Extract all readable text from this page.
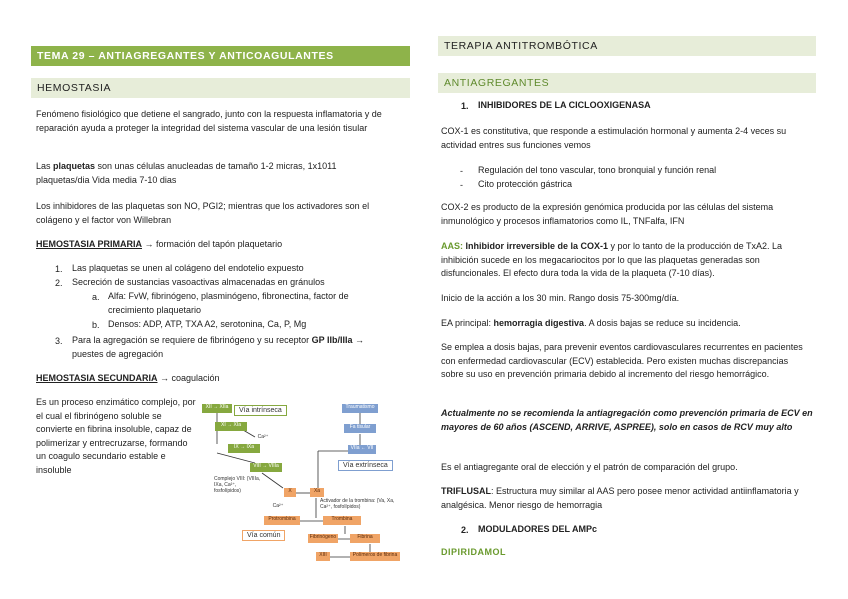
TEMA 29 – ANTIAGREGANTES Y ANTICOAGULANTES
HEMOSTASIA

Fenómeno fisiológico que detiene el sangrado, junto con la respuesta inflamatoria y de reparación ayuda a proteger la integridad del sistema vascular de una lesión tisular

Las plaquetas son unas células anucleadas de tamaño 1-2 micras, 1x1011 plaquetas/dia Vida media 7-10 dias

Los inhibidores de las plaquetas son NO, PGI2; mientras que los activadores son el colágeno y el factor von Willebran

HEMOSTASIA PRIMARIA → formación del tapón plaquetario

1. Las plaquetas se unen al colágeno del endotelio expuesto
2. Secreción de sustancias vasoactivas almacenadas en gránulos
a. Alfa: FvW, fibrinógeno, plasminógeno, fibronectina, factor de
crecimiento plaquetario
b. Densos: ADP, ATP, TXA A2, serotonina, Ca, P, Mg
3. Para la agregación se requiere de fibrinógeno y su receptor GP IIb/IIIa →
puestes de agregación

HEMOSTASIA SECUNDARIA → coagulación

Es un proceso enzimático complejo, por el cual el fibrinógeno soluble se convierte en fibrina insoluble, capaz de polimerizar y entrecruzarse, formando un coagulo secundario estable e insoluble

XII → XIIa	Vía intrínseca
XI → XIa
Ca²⁺
IX → IXa
VIII → VIIIa
Complejo VIII: (VIIIa, IXa, Ca²⁺, fosfolípidos)
Traumatismo
Fa tisular
VIIa ← VII
Vía extrínseca
Ca²⁺
X	Xa
Activador de la trombina: (Va, Xa, Ca²⁺, fosfolípidos)
Protrombina	Trombina
Vía común	Fibrinógeno	Fibrina
XIII	Polímeros de fibrina
TERAPIA ANTITROMBÓTICA
ANTIAGREGANTES
1. INHIBIDORES DE LA CICLOOXIGENASA

COX-1 es constitutiva, que responde a estimulación hormonal y aumenta 2-4 veces su actividad entres sus funciones vemos

- Regulación del tono vascular, tono bronquial y función renal
- Cito protección gástrica

COX-2 es producto de la expresión genómica producida por las células del sistema inmunológico y procesos inflamatorios como IL, TNFalfa, IFN

AAS: Inhibidor irreversible de la COX-1 y por lo tanto de la producción de TxA2. La inhibición sucede en los megacariocitos por lo que las plaquetas generadas son disfuncionales. El efecto dura toda la vida de la plaqueta (7-10 días).

Inicio de la acción a los 30 min. Rango dosis 75-300mg/día.

EA principal: hemorragia digestiva. A dosis bajas se reduce su incidencia.

Se emplea a dosis bajas, para prevenir eventos cardiovasculares recurrentes en pacientes con enfermedad cardiovascular (ECV) establecida. Pero existen muchas discrepancias sobre su uso en prevención primaria debido al incremento del riesgo hemorrágico.

Actualmente no se recomienda la antiagregación como prevención primaria de ECV en mayores de 60 años (ASCEND, ARRIVE, ASPREE), solo en casos de RCV muy alto

Es el antiagregante oral de elección y el patrón de comparación del grupo.

TRIFLUSAL: Estructura muy similar al AAS pero posee menor actividad antiinflamatoria y analgésica. Menor riesgo de hemorragia

2. MODULADORES DEL AMPc
DIPIRIDAMOL
